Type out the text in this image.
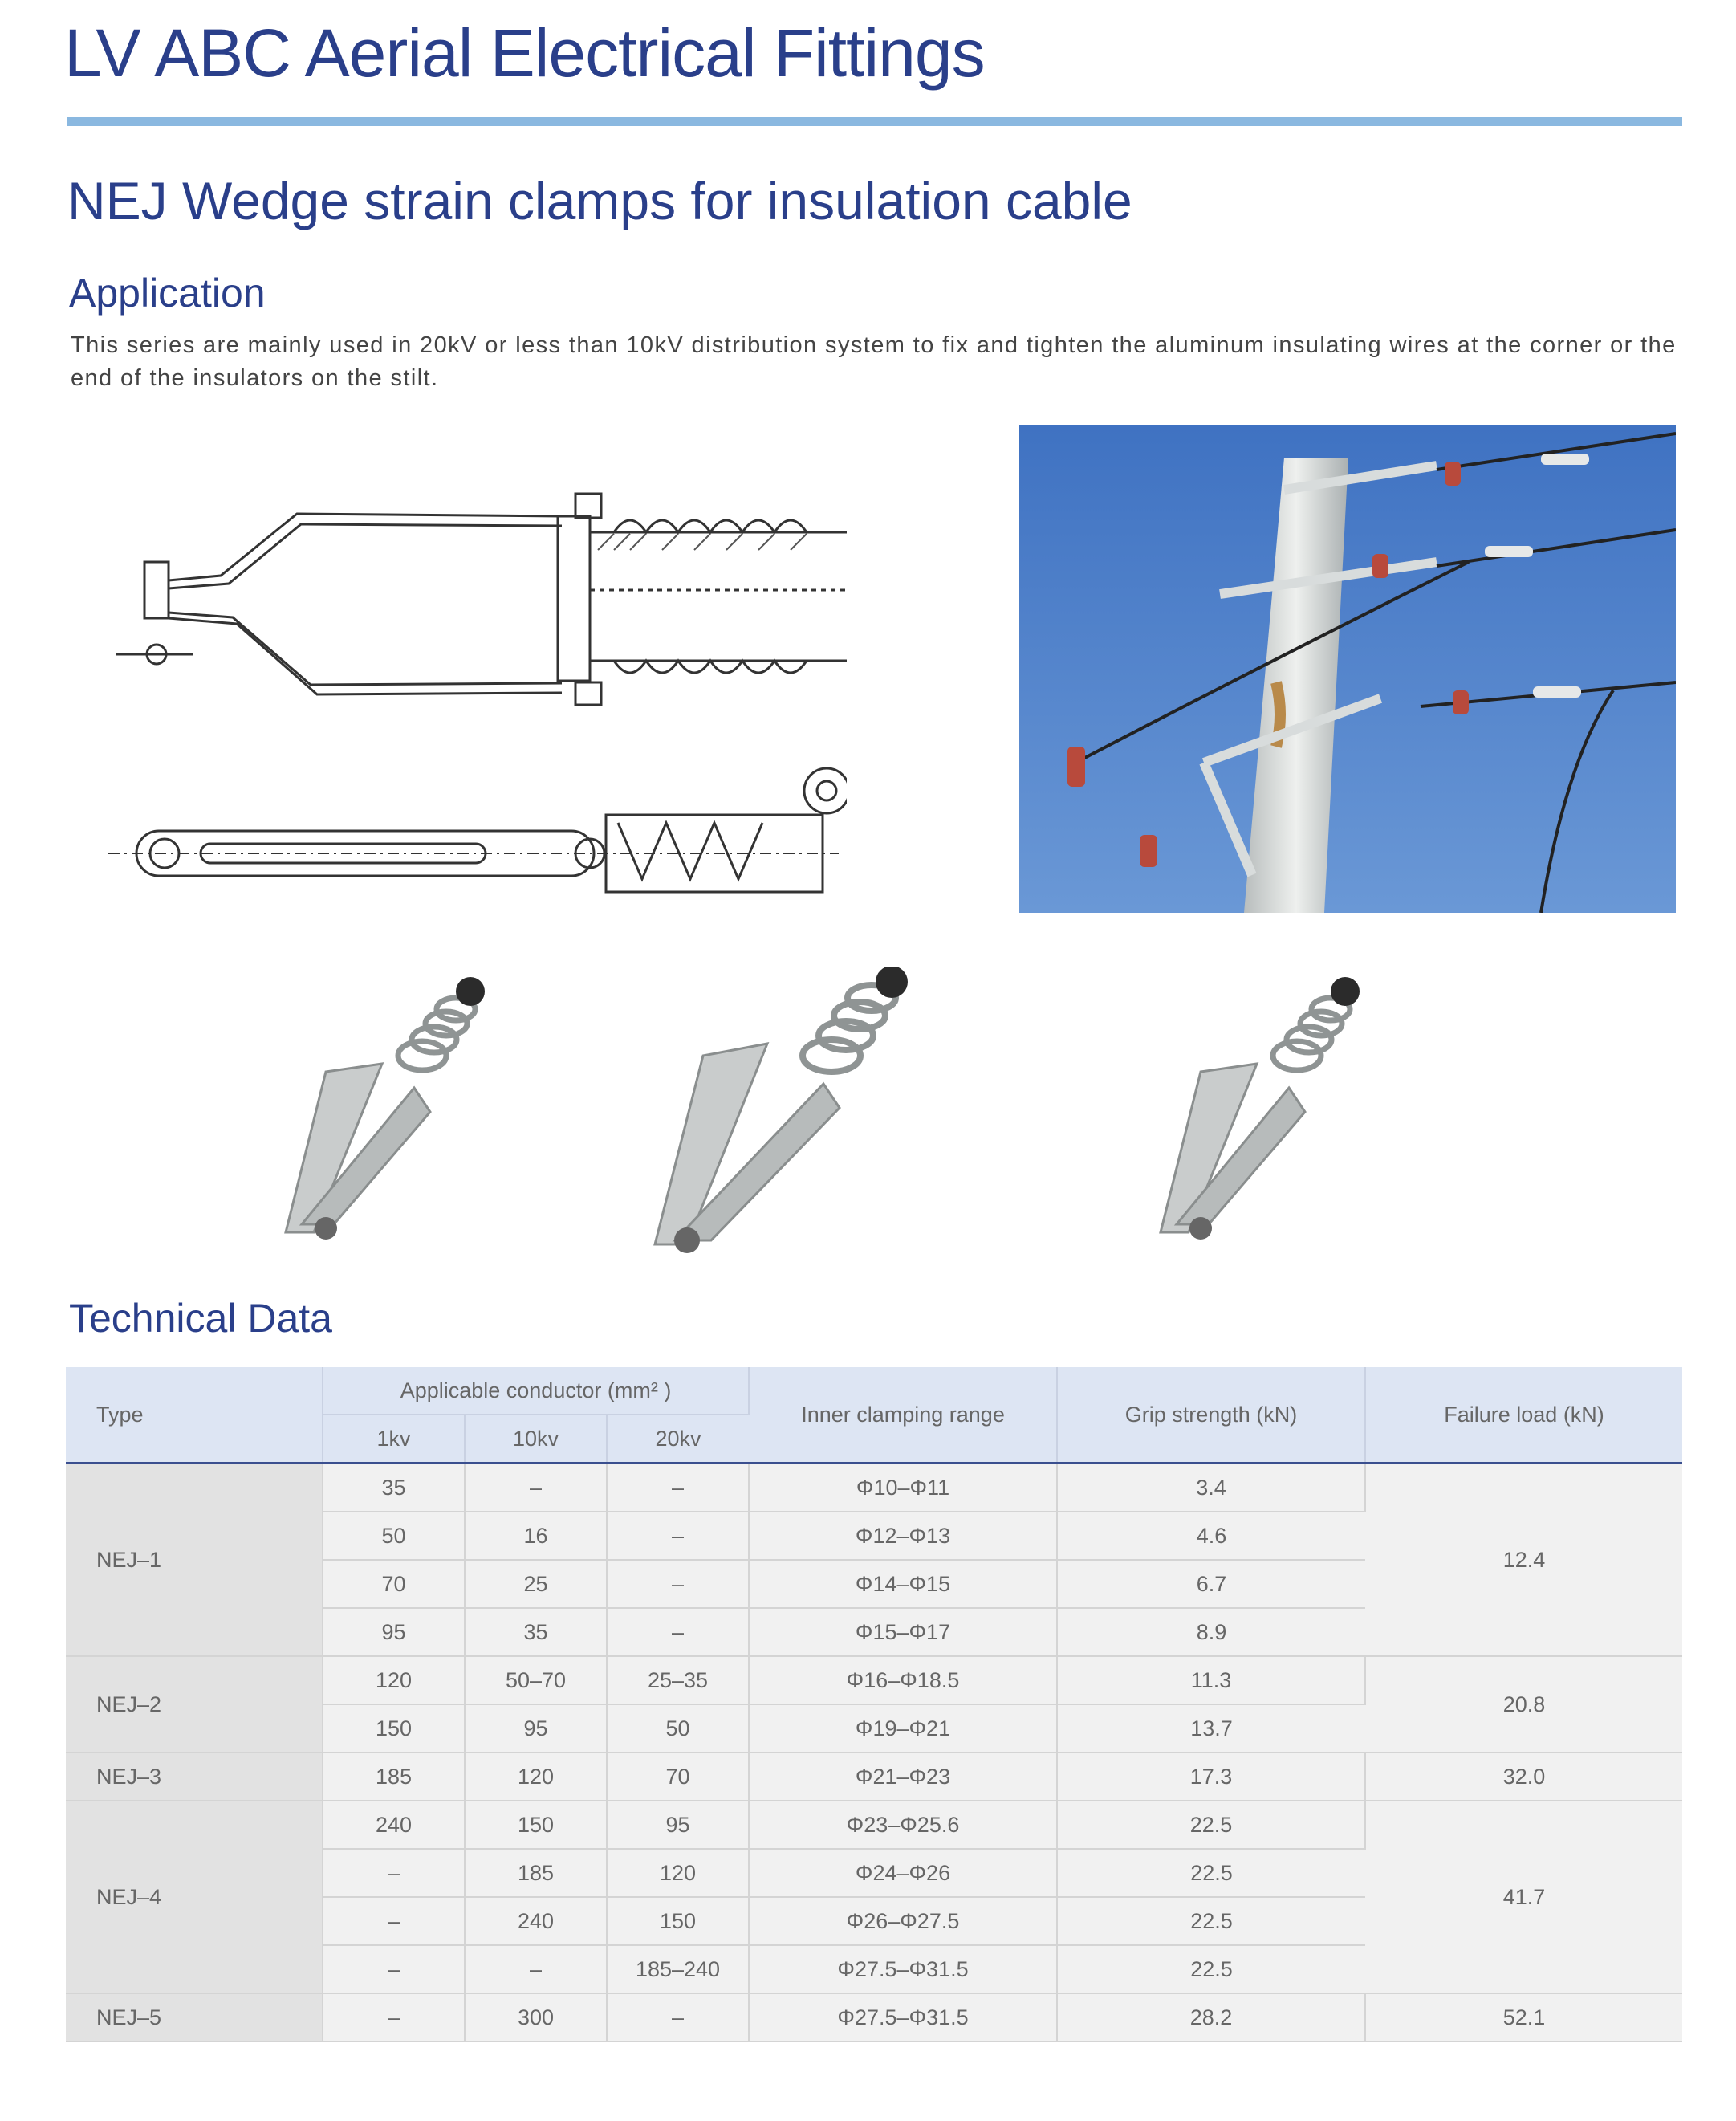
LV ABC Aerial Electrical Fittings
NEJ Wedge strain clamps for insulation cable
Application
This series are mainly used in 20kV or less than 10kV distribution system to fix and tighten the aluminum insulating wires at the corner or the end of the insulators on the stilt.
Technical Data
Type	Applicable conductor (mm² )			Inner clamping range	Grip strength (kN)	Failure load (kN)
	1kv	10kv	20kv			
NEJ–1	35	–	–	Φ10–Φ11	3.4	12.4
	50	16	–	Φ12–Φ13	4.6	
	70	25	–	Φ14–Φ15	6.7	
	95	35	–	Φ15–Φ17	8.9	
NEJ–2	120	50–70	25–35	Φ16–Φ18.5	11.3	20.8
	150	95	50	Φ19–Φ21	13.7	
NEJ–3	185	120	70	Φ21–Φ23	17.3	32.0
NEJ–4	240	150	95	Φ23–Φ25.6	22.5	41.7
	–	185	120	Φ24–Φ26	22.5	
	–	240	150	Φ26–Φ27.5	22.5	
	–	–	185–240	Φ27.5–Φ31.5	22.5	
NEJ–5	–	300	–	Φ27.5–Φ31.5	28.2	52.1
